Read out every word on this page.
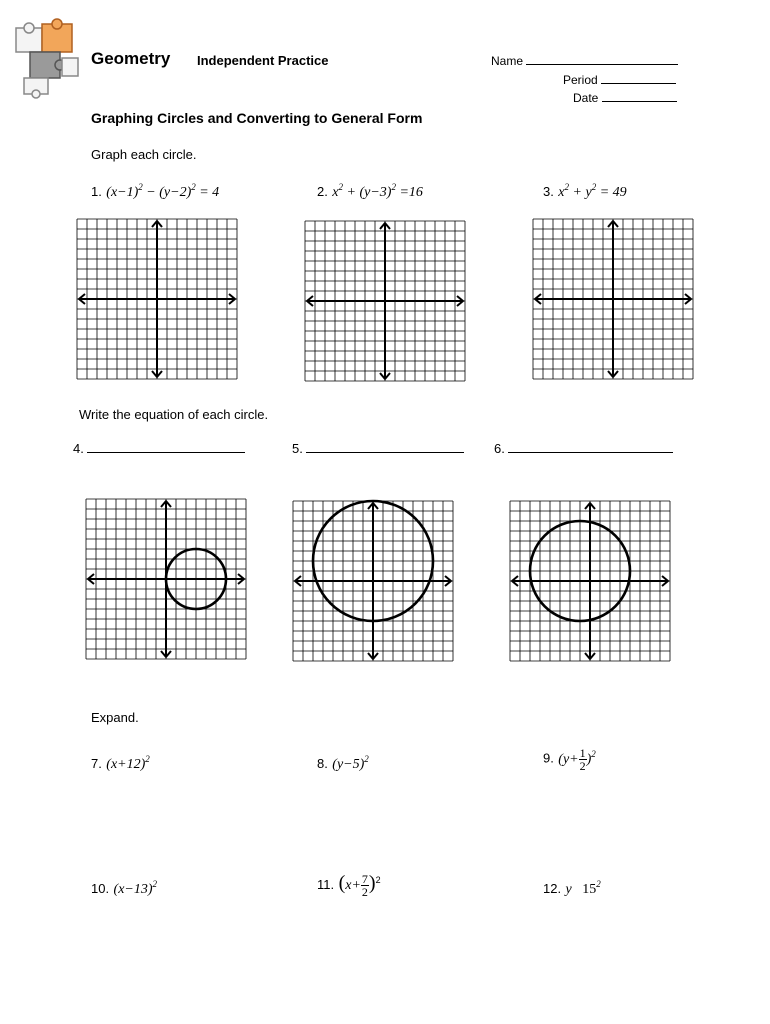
Geometry Independent Practice	Name
Period
Date
Graphing Circles and Converting to General Form
Graph each circle.
1. $(x-1)^2 - (y-2)^2 = 4$	2. $x^2 + (y-3)^2 =16$	3. $x^2 + y^2 = 49$
Write the equation of each circle.
4.	5.	6.
Expand.
7. $(x+12)^2$	8. $(y-5)^2$	9. $(y+ \frac{1}{2} )^2$
10. $(x-13)^2$	11. $(x+ \frac{7}{2} )^2$
12. y $15^2$
